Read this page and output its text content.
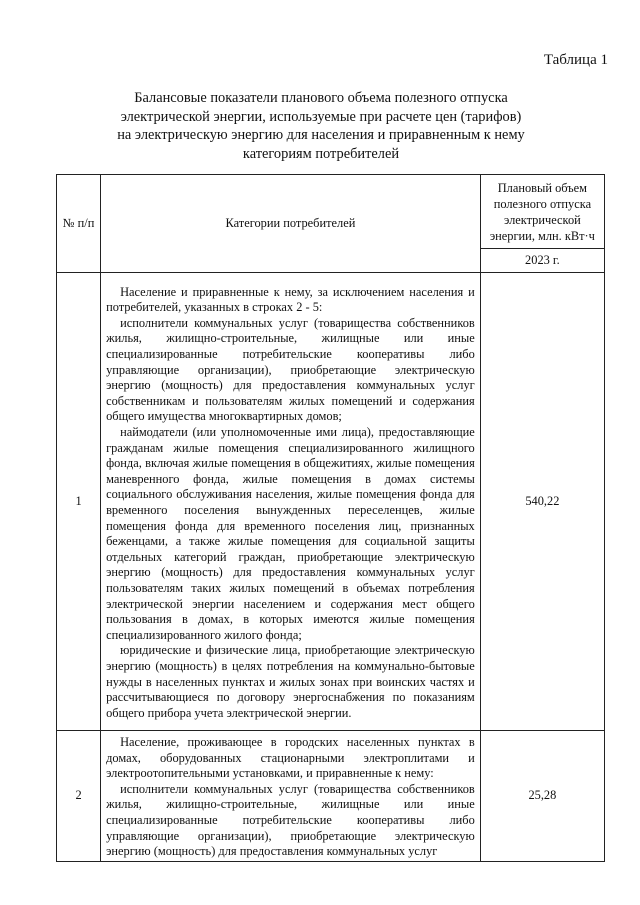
Таблица 1
Балансовые показатели планового объема полезного отпуска
электрической энергии, используемые при расчете цен (тарифов)
на электрическую энергию для населения и приравненным к нему
категориям потребителей
№ п/п	Категории потребителей	Плановый объем полезного отпуска электрической энергии, млн. кВт·ч
		2023 г.
1	Население и приравненные к нему, за исключением населения и потребителей, указанных в строках 2 - 5:

исполнители коммунальных услуг (товарищества собственников жилья, жилищно-строительные, жилищные или иные специализированные потребительские кооперативы либо управляющие организации), приобретающие электрическую энергию (мощность) для предоставления коммунальных услуг собственникам и пользователям жилых помещений и содержания общего имущества многоквартирных домов;

наймодатели (или уполномоченные ими лица), предоставляющие гражданам жилые помещения специализированного жилищного фонда, включая жилые помещения в общежитиях, жилые помещения маневренного фонда, жилые помещения в домах системы социального обслуживания населения, жилые помещения фонда для временного поселения вынужденных переселенцев, жилые помещения фонда для временного поселения лиц, признанных беженцами, а также жилые помещения для социальной защиты отдельных категорий граждан, приобретающие электрическую энергию (мощность) для предоставления коммунальных услуг пользователям таких жилых помещений в объемах потребления электрической энергии населением и содержания мест общего пользования в домах, в которых имеются жилые помещения специализированного жилого фонда;

юридические и физические лица, приобретающие электрическую энергию (мощность) в целях потребления на коммунально-бытовые нужды в населенных пунктах и жилых зонах при воинских частях и рассчитывающиеся по договору энергоснабжения по показаниям общего прибора учета электрической энергии.	540,22
2	Население, проживающее в городских населенных пунктах в домах, оборудованных стационарными электроплитами и электроотопительными установками, и приравненные к нему:

исполнители коммунальных услуг (товарищества собственников жилья, жилищно-строительные, жилищные или иные специализированные потребительские кооперативы либо управляющие организации), приобретающие электрическую энергию (мощность) для предоставления коммунальных услуг	25,28
